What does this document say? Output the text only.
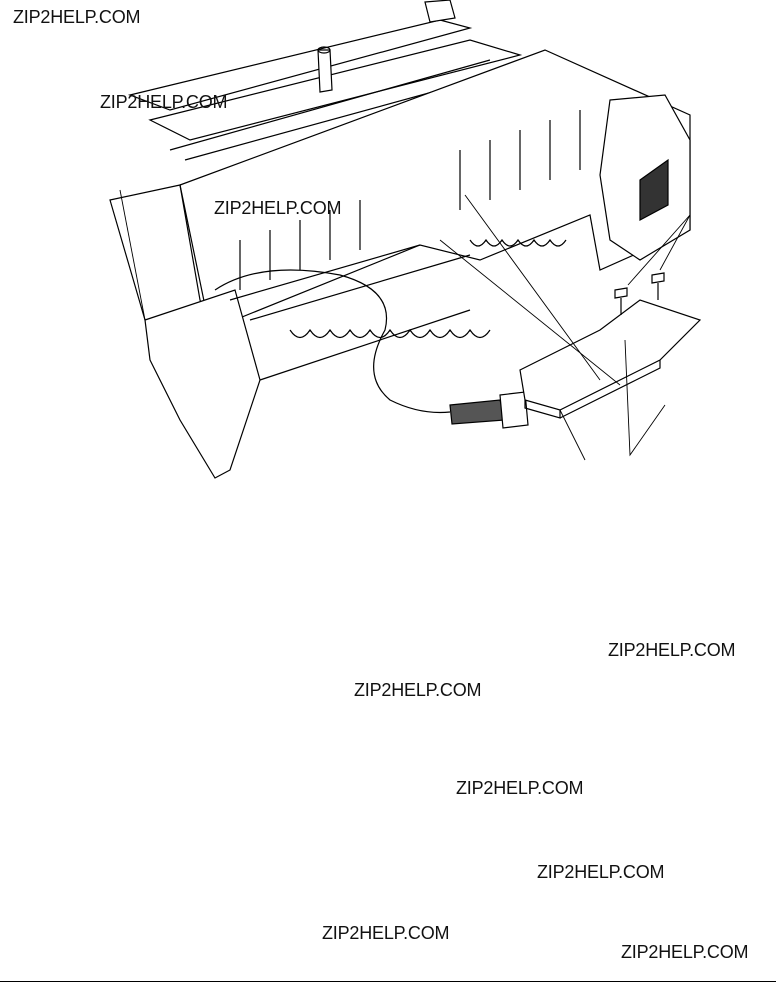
ZIP2HELP.COM
ZIP2HELP.COM
ZIP2HELP.COM
ZIP2HELP.COM
ZIP2HELP.COM
ZIP2HELP.COM
ZIP2HELP.COM
ZIP2HELP.COM
ZIP2HELP.COM
